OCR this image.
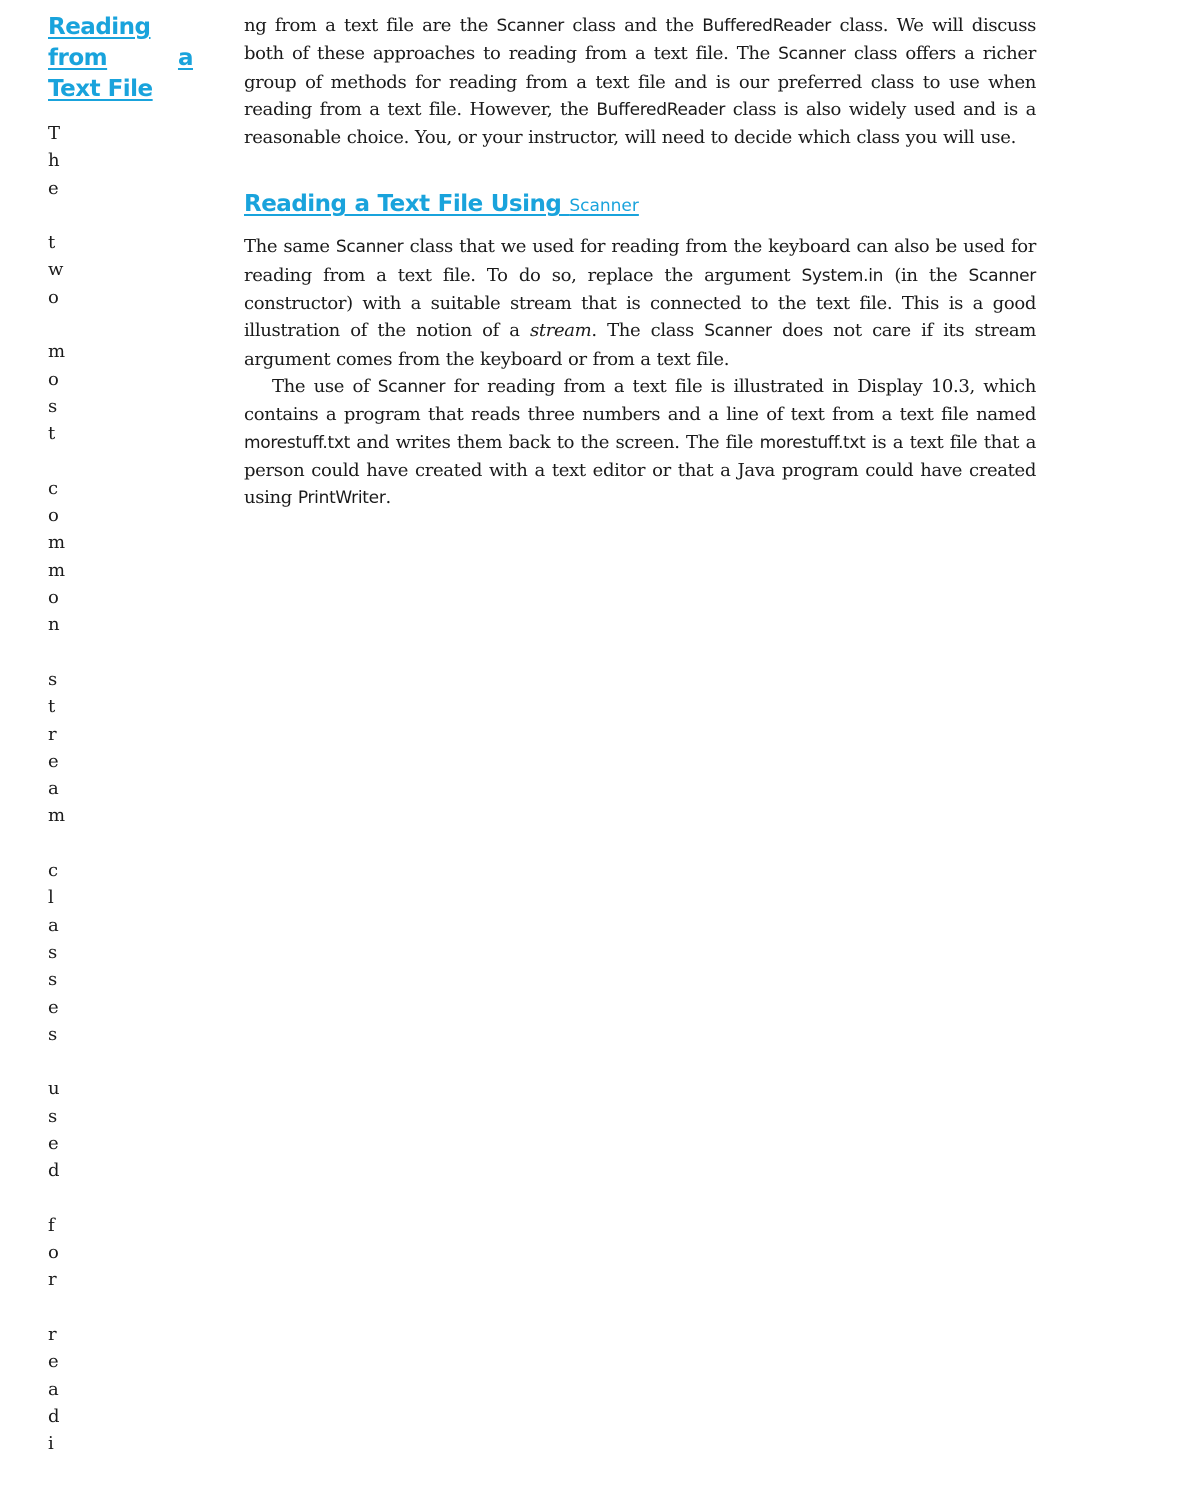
Reading
from	a
Text File
T
h
e

t
w
o

m
o
s
t

c
o
m
m
o
n

s
t
r
e
a
m

c
l
a
s
s
e
s

u
s
e
d

f
o
r

r
e
a
d
i

ng from a text file are the Scanner class and the BufferedReader class. We will discuss both of these approaches to reading from a text file. The Scanner class offers a richer group of methods for reading from a text file and is our preferred class to use when reading from a text file. However, the BufferedReader class is also widely used and is a reasonable choice. You, or your instructor, will need to decide which class you will use.

Reading a Text File Using Scanner

The same Scanner class that we used for reading from the keyboard can also be used for reading from a text file. To do so, replace the argument System.in (in the Scanner constructor) with a suitable stream that is connected to the text file. This is a good illustration of the notion of a stream. The class Scanner does not care if its stream argument comes from the keyboard or from a text file.

The use of Scanner for reading from a text file is illustrated in Display 10.3, which contains a program that reads three numbers and a line of text from a text file named morestuff.txt and writes them back to the screen. The file morestuff.txt is a text file that a person could have created with a text editor or that a Java program could have created using PrintWriter.
